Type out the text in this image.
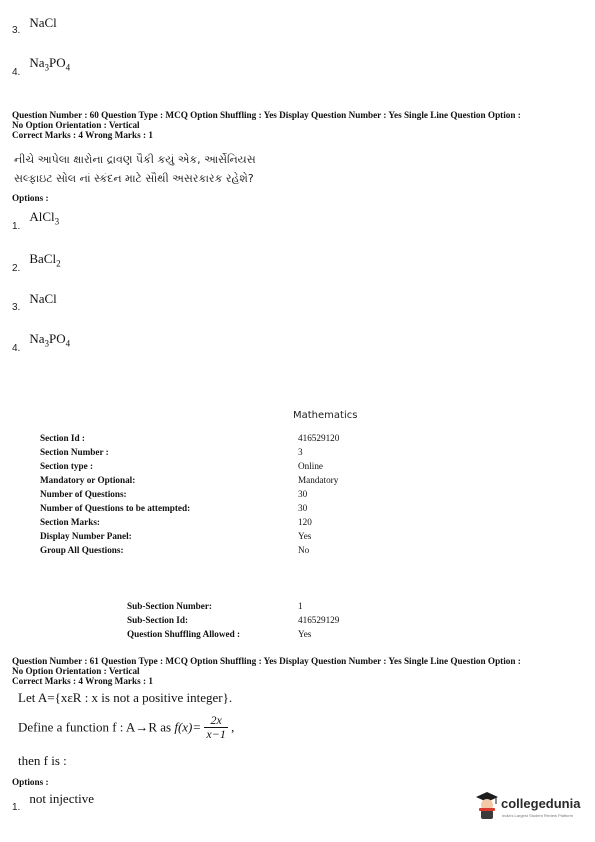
$_{3.}$ NaCl
$_{4.}$ $Na_3PO_4$
Question Number : 60 Question Type : MCQ Option Shuffling : Yes Display Question Number : Yes Single Line Question Option :
No Option Orientation : Vertical
Correct Marks : 4 Wrong Marks : 1
નીચે આપેલા ક્ષારોના દ્રાવણ પૈકી કયું એક, આર્સેનિયસ
સલ્ફાઇટ સોલ નાં સ્કંદન માટે સૌથી અસરકારક રહેશે?
Options :
$_{1.}$ AlCl$_3$
$_{2.}$ BaCl$_2$
$_{3.}$ NaCl
$_{4.}$ $Na_3PO_4$
Mathematics
Section Id :	416529120
Section Number :	3
Section type :	Online
Mandatory or Optional:	Mandatory
Number of Questions:	30
Number of Questions to be attempted:	30
Section Marks:	120
Display Number Panel:	Yes
Group All Questions:	No
Sub-Section Number:	1
Sub-Section Id:	416529129
Question Shuffling Allowed :	Yes
Question Number : 61 Question Type : MCQ Option Shuffling : Yes Display Question Number : Yes Single Line Question Option :
No Option Orientation : Vertical
Correct Marks : 4 Wrong Marks : 1
Let A={xεR : x is not a positive integer}.
Define a function f : A→R as $f(x)= \frac{2x}{x-1}$ ,
then f is :
Options :
$_{1.}$ not injective	collegedunia
India's Largest Student Review Platform
